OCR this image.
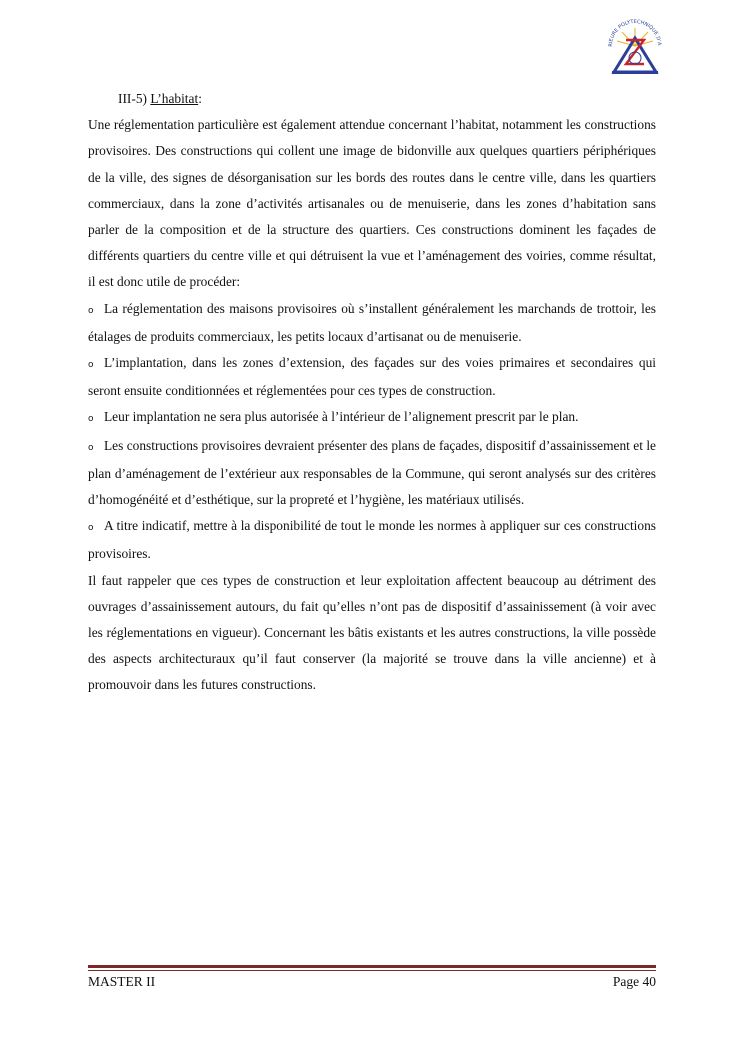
RIEURE POLYTECHNIQUE D'A

III-5) L’habitat:

Une réglementation particulière est également attendue concernant l’habitat, notamment les constructions provisoires. Des constructions qui collent une image de bidonville aux quelques quartiers périphériques de la ville, des signes de désorganisation sur les bords des routes dans le centre ville, dans les quartiers commerciaux, dans la zone d’activités artisanales ou de menuiserie, dans les zones d’habitation sans parler de la composition et de la structure des quartiers. Ces constructions dominent les façades de différents quartiers du centre ville et qui détruisent la vue et l’aménagement des voiries, comme résultat, il est donc utile de procéder:

o La réglementation des maisons provisoires où s’installent généralement les marchands de trottoir, les étalages de produits commerciaux, les petits locaux d’artisanat ou de menuiserie.

o L’implantation, dans les zones d’extension, des façades sur des voies primaires et secondaires qui seront ensuite conditionnées et réglementées pour ces types de construction.

o Leur implantation ne sera plus autorisée à l’intérieur de l’alignement prescrit par le plan.

o Les constructions provisoires devraient présenter des plans de façades, dispositif d’assainissement et le plan d’aménagement de l’extérieur aux responsables de la Commune, qui seront analysés sur des critères d’homogénéité et d’esthétique, sur la propreté et l’hygiène, les matériaux utilisés.

o A titre indicatif, mettre à la disponibilité de tout le monde les normes à appliquer sur ces constructions provisoires.

Il faut rappeler que ces types de construction et leur exploitation affectent beaucoup au détriment des ouvrages d’assainissement autours, du fait qu’elles n’ont pas de dispositif d’assainissement (à voir avec les réglementations en vigueur). Concernant les bâtis existants et les autres constructions, la ville possède des aspects architecturaux qu’il faut conserver (la majorité se trouve dans la ville ancienne) et à promouvoir dans les futures constructions.

MASTER II	Page 40
